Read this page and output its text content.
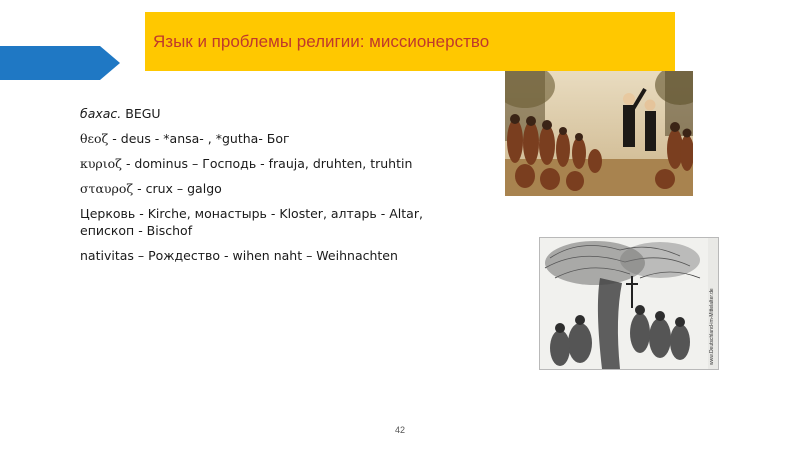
Язык и проблемы религии: миссионерство
бахас. BEGU
θεοζ - deus - *ansa- , *gutha- Бог
κυριοζ - dominus – Господь - frauja, druhten, truhtin
σταυροζ - crux – galgo
Церковь - Kirche, монастырь - Kloster, алтарь - Altar, епископ - Bischof
nativitas – Рождество - wihen naht – Weihnachten
www.Deutschland-im-Mittelalter.de
42
